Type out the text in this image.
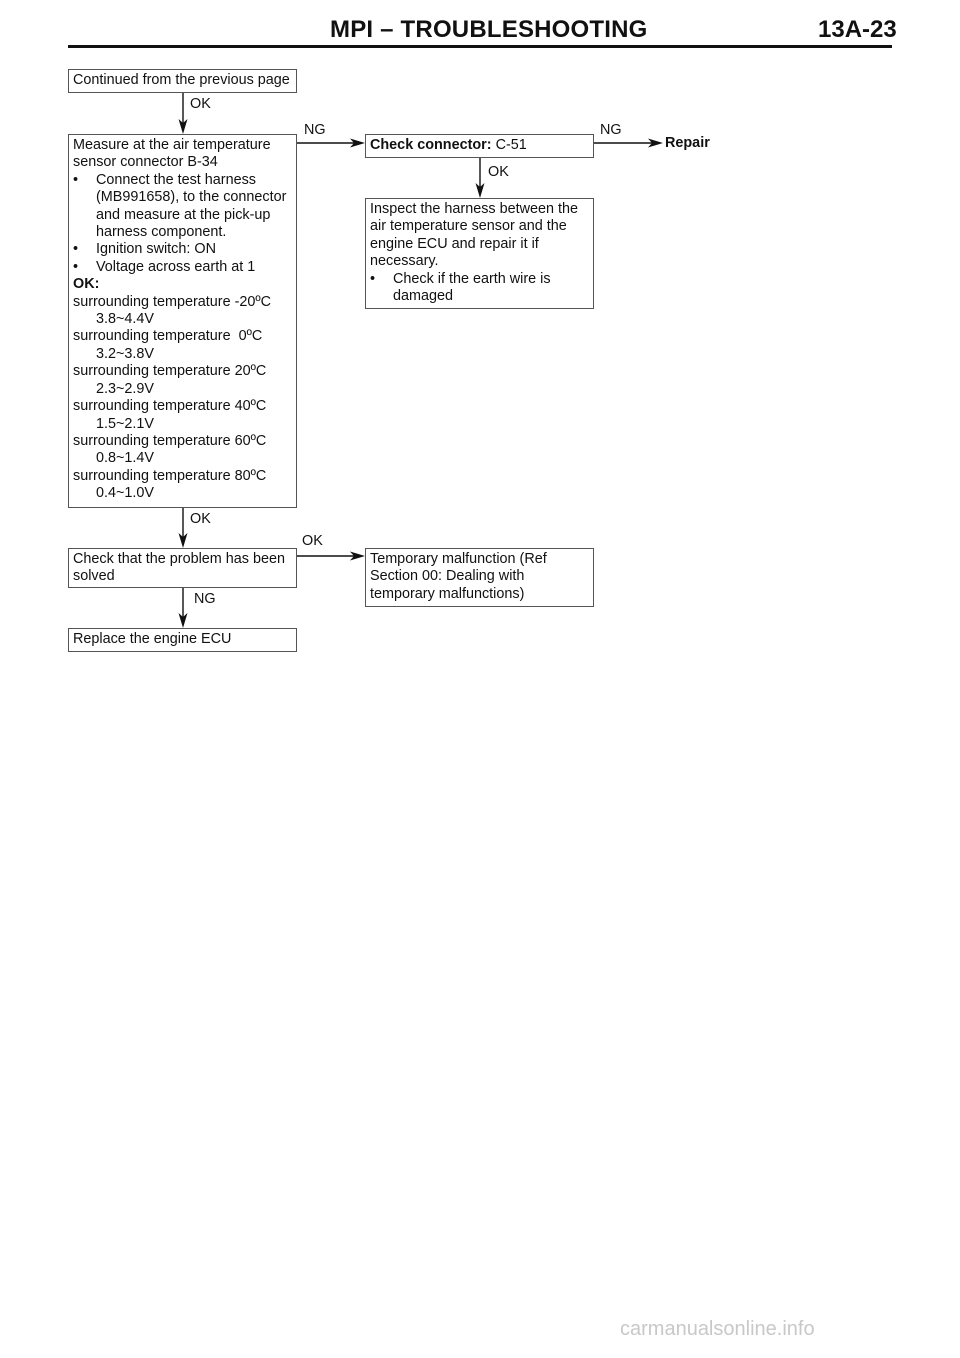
MPI – TROUBLESHOOTING	13A-23
Continued from the previous page
OK
Measure at the air temperature
sensor connector B-34
•	Connect the test harness
(MB991658), to the connector
and measure at the pick-up
harness component.
•	Ignition switch: ON
•	Voltage across earth at 1
OK:
surrounding temperature -20ºC
3.8~4.4V
surrounding temperature  0ºC
3.2~3.8V
surrounding temperature 20ºC
2.3~2.9V
surrounding temperature 40ºC
1.5~2.1V
surrounding temperature 60ºC
0.8~1.4V
surrounding temperature 80ºC
0.4~1.0V
NG
Check connector: C-51
NG
Repair
OK
Inspect the harness between the
air temperature sensor and the
engine ECU and repair it if
necessary.
•	Check if the earth wire is
damaged
OK
OK
Check that the problem has been
solved
Temporary malfunction (Ref
Section 00: Dealing with
temporary malfunctions)
NG
Replace the engine ECU
carmanualsonline.info
